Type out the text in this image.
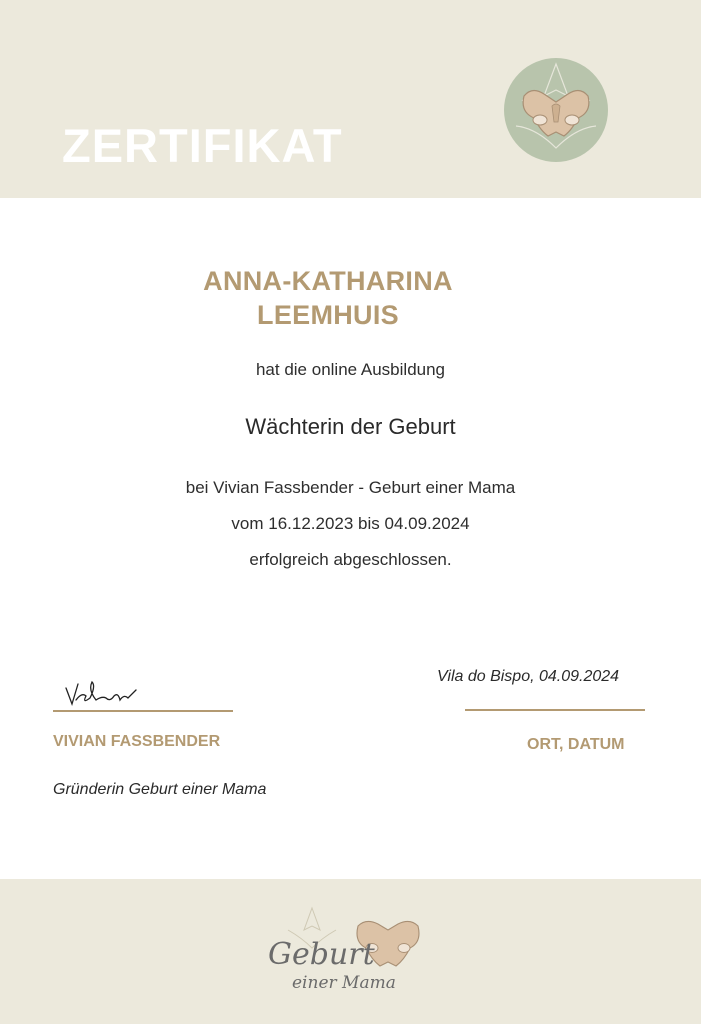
ZERTIFIKAT
ANNA-KATHARINA
LEEMHUIS
hat die online Ausbildung
Wächterin der Geburt
bei Vivian Fassbender - Geburt einer Mama
vom 16.12.2023 bis 04.09.2024
erfolgreich abgeschlossen.
VIVIAN FASSBENDER
Gründerin Geburt einer Mama
Vila do Bispo, 04.09.2024
ORT, DATUM
Geburt
einer Mama
